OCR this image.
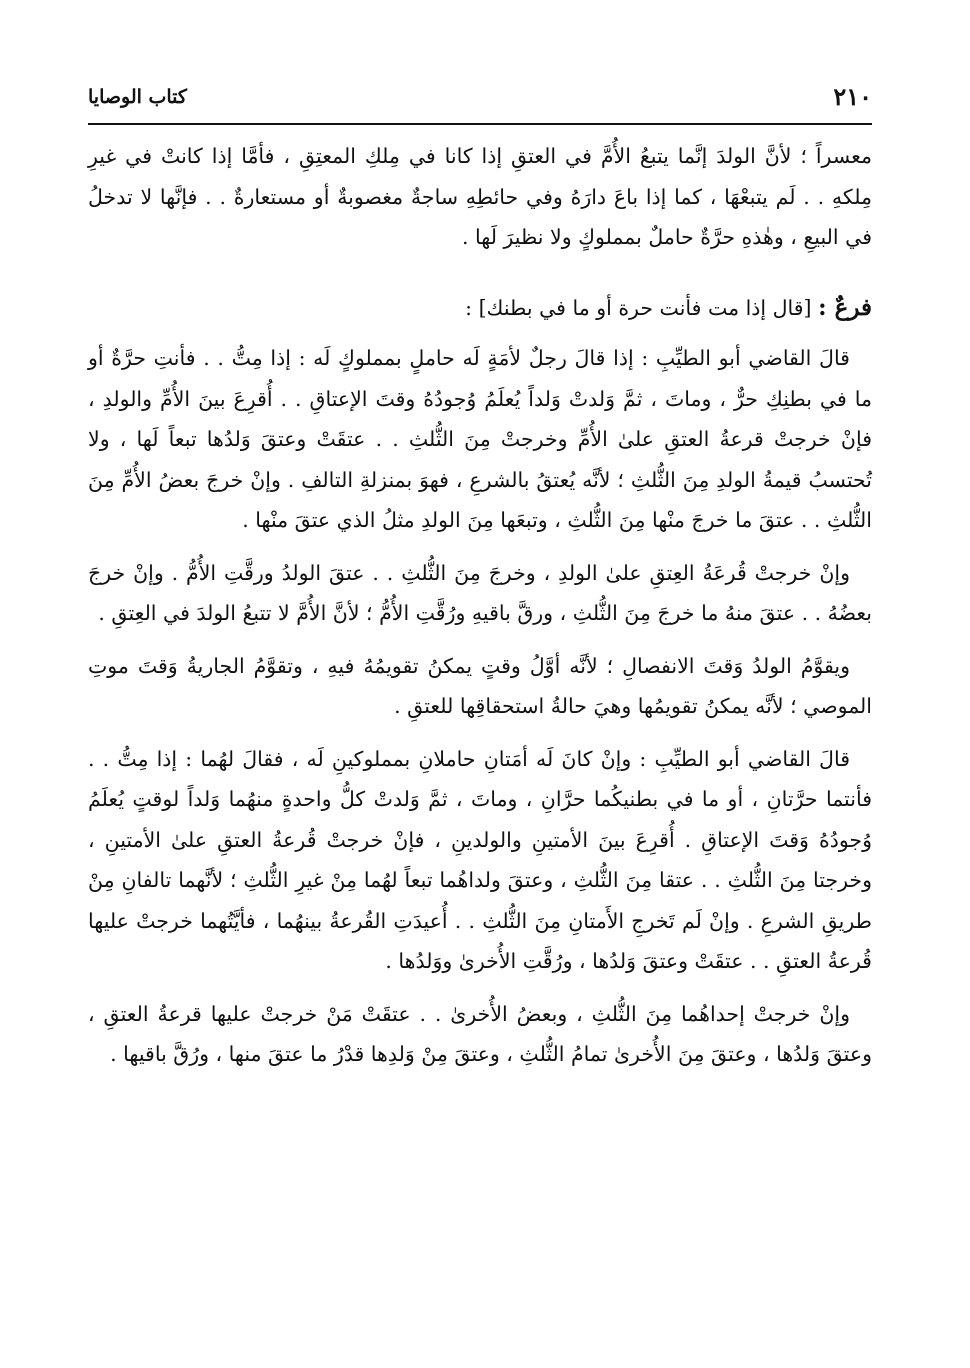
٢١٠
كتاب الوصايا

معسراً ؛ لأنَّ الولدَ إنَّما يتبعُ الأُمَّ في العتقِ إذا كانا في مِلكِ المعتِقِ ، فأمَّا إذا كانتْ في غيرِ مِلكهِ . . لَم يتبعْهَا ، كما إذا باعَ دارَهُ وفي حائطِهِ ساجةٌ مغصوبةٌ أو مستعارةٌ . . فإنَّها لا تدخلُ في البيعِ ، وهٰذهِ حرَّةٌ حاملٌ بمملوكٍ ولا نظيرَ لَها .

فرعٌ : [قال إذا مت فأنت حرة أو ما في بطنك] :

قالَ القاضي أبو الطيِّبِ : إذا قالَ رجلٌ لأمَةٍ لَه حاملٍ بمملوكٍ لَه : إذا مِتُّ . . فأنتِ حرَّةٌ أو ما في بطنِكِ حرٌّ ، وماتَ ، ثمَّ وَلدتْ وَلداً يُعلَمُ وُجودُهُ وقتَ الإعتاقِ . . أُقرِعَ بينَ الأُمِّ والولدِ ، فإنْ خرجتْ قرعةُ العتقِ علىٰ الأُمِّ وخرجتْ مِنَ الثُّلثِ . . عتقَتْ وعتقَ وَلدُها تبعاً لَها ، ولا تُحتسبُ قيمةُ الولدِ مِنَ الثُّلثِ ؛ لأنَّه يُعتقُ بالشرعِ ، فهوَ بمنزلةِ التالفِ . وإنْ خرجَ بعضُ الأُمِّ مِنَ الثُّلثِ . . عتقَ ما خرجَ منْها مِنَ الثُّلثِ ، وتبعَها مِنَ الولدِ مثلُ الذي عتقَ منْها .

وإنْ خرجتْ قُرعَةُ العِتقِ علىٰ الولدِ ، وخرجَ مِنَ الثُّلثِ . . عتقَ الولدُ ورقَّتِ الأُمُّ . وإنْ خرجَ بعضُهُ . . عتقَ منهُ ما خرجَ مِنَ الثُّلثِ ، ورقَّ باقيهِ ورُقَّتِ الأُمُّ ؛ لأنَّ الأُمَّ لا تتبعُ الولدَ في العِتقِ .

ويقوَّمُ الولدُ وَقتَ الانفصالِ ؛ لأنَّه أوَّلُ وقتٍ يمكنُ تقويمُهُ فيهِ ، وتقوَّمُ الجاريةُ وَقتَ موتِ الموصي ؛ لأنَّه يمكنُ تقويمُها وهيَ حالةُ استحقاقِها للعتقِ .

قالَ القاضي أبو الطيِّبِ : وإنْ كانَ لَه أمَتانِ حاملانِ بمملوكينِ لَه ، فقالَ لهُما : إذا مِتُّ . . فأنتما حرَّتانِ ، أو ما في بطنيكُما حرَّانِ ، وماتَ ، ثمَّ وَلدتْ كلُّ واحدةٍ منهُما وَلداً لوقتٍ يُعلَمُ وُجودُهُ وَقتَ الإعتاقِ . أُقرِعَ بينَ الأمتينِ والولدينِ ، فإنْ خرجتْ قُرعةُ العتقِ علىٰ الأمتينِ ، وخرجتا مِنَ الثُّلثِ . . عتقا مِنَ الثُّلثِ ، وعتقَ ولداهُما تبعاً لهُما مِنْ غيرِ الثُّلثِ ؛ لأنَّهما تالفانِ مِنْ طريقِ الشرعِ . وإنْ لَم تَخرجِ الأَمتانِ مِنَ الثُّلثِ . . أُعيدَتِ القُرعةُ بينهُما ، فأيَّتُهما خرجتْ عليها قُرعةُ العتقِ . . عتقَتْ وعتقَ وَلدُها ، ورُقَّتِ الأُخرىٰ ووَلدُها .

وإنْ خرجتْ إحداهُما مِنَ الثُّلثِ ، وبعضُ الأُخرىٰ . . عتقَتْ مَنْ خرجتْ عليها قرعةُ العتقِ ، وعتقَ وَلدُها ، وعتقَ مِنَ الأُخرىٰ تمامُ الثُّلثِ ، وعتقَ مِنْ وَلدِها قدْرُ ما عتقَ منها ، ورُقَّ باقيها .
